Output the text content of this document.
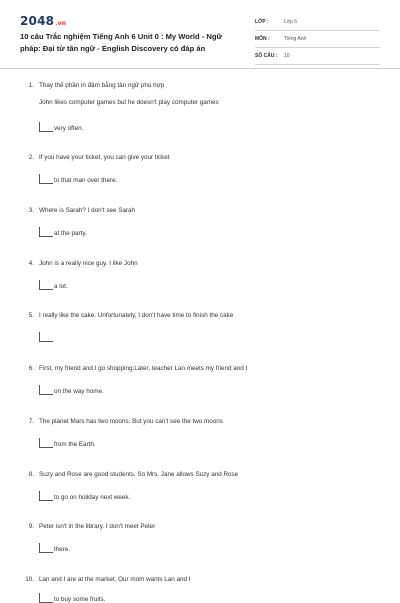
2048.vn
10 câu Trắc nghiệm Tiếng Anh 6 Unit 0 : My World - Ngữ pháp: Đại từ tân ngữ - English Discovery có đáp án
LỚP :	Lớp 6
MÔN :	Tiếng Anh
SỐ CÂU :	10
1. Thay thế phần in đậm bằng tân ngữ phù hợp
John likes computer games but he doesn't play computer games
very often.
2. If you have your ticket, you can give your ticket
to that man over there.
3. Where is Sarah? I don't see Sarah
at the party.
4. John is a really nice guy. I like John
a lot.
5. I really like the cake. Unfortunately, I don't have time to finish the cake
6. First, my friend and I go shopping.Later, teacher Lan meets my friend and I
on the way home.
7. The planet Mars has two moons. But you can't see the two moons
from the Earth.
8. Suzy and Rose are good students. So Mrs. Jane allows Suzy and Rose
to go on holiday next week.
9. Peter isn't in the library. I don't meet Peter
there.
10. Lan and I are at the market. Our mom wants Lan and I
to buy some fruits.
